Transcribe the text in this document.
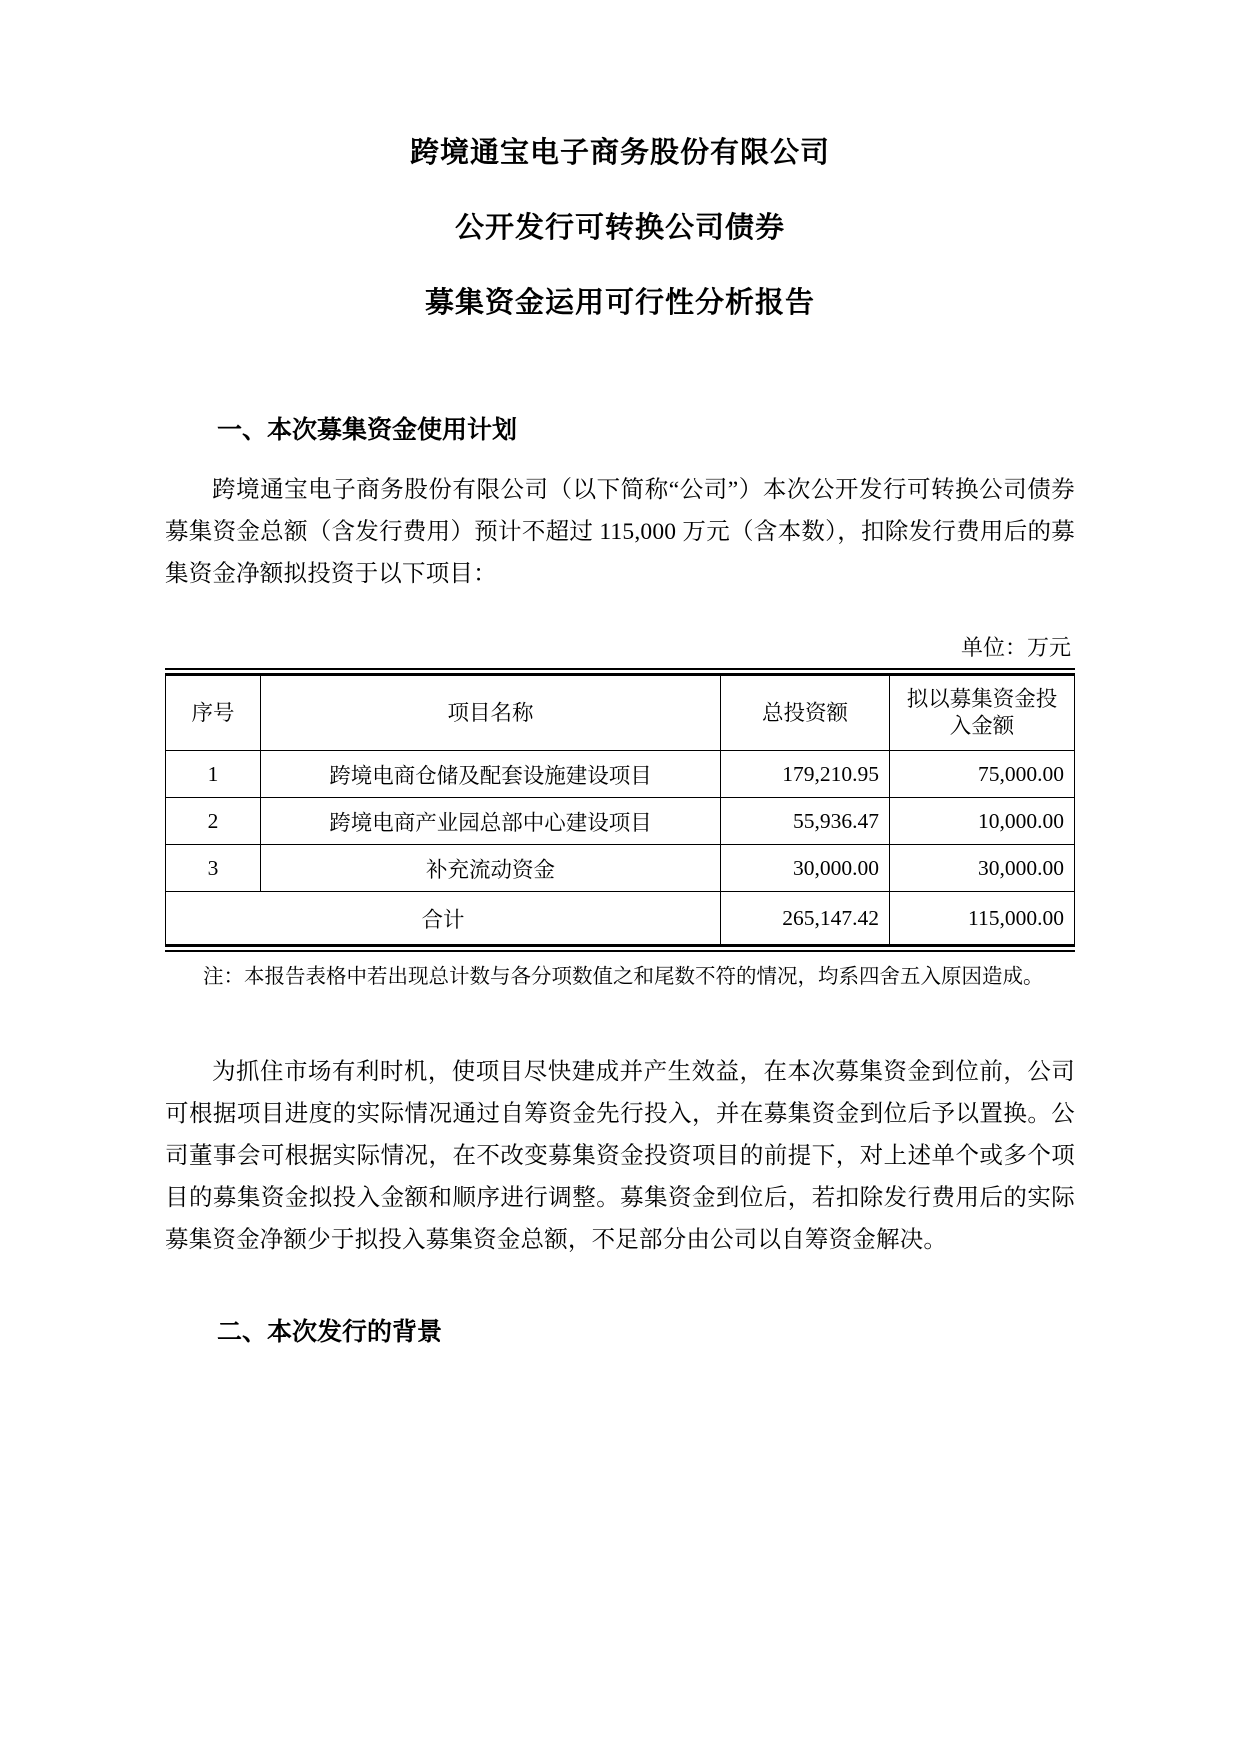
跨境通宝电子商务股份有限公司
公开发行可转换公司债券
募集资金运用可行性分析报告
一、本次募集资金使用计划

跨境通宝电子商务股份有限公司（以下简称“公司”）本次公开发行可转换公司债券募集资金总额（含发行费用）预计不超过 115,000 万元（含本数），扣除发行费用后的募集资金净额拟投资于以下项目：

单位：万元
序号	项目名称	总投资额	拟以募集资金投入金额
1	跨境电商仓储及配套设施建设项目	179,210.95	75,000.00
2	跨境电商产业园总部中心建设项目	55,936.47	10,000.00
3	补充流动资金	30,000.00	30,000.00
合计		265,147.42	115,000.00

注：本报告表格中若出现总计数与各分项数值之和尾数不符的情况，均系四舍五入原因造成。

为抓住市场有利时机，使项目尽快建成并产生效益，在本次募集资金到位前，公司可根据项目进度的实际情况通过自筹资金先行投入，并在募集资金到位后予以置换。公司董事会可根据实际情况，在不改变募集资金投资项目的前提下，对上述单个或多个项目的募集资金拟投入金额和顺序进行调整。募集资金到位后，若扣除发行费用后的实际募集资金净额少于拟投入募集资金总额，不足部分由公司以自筹资金解决。

二、本次发行的背景
